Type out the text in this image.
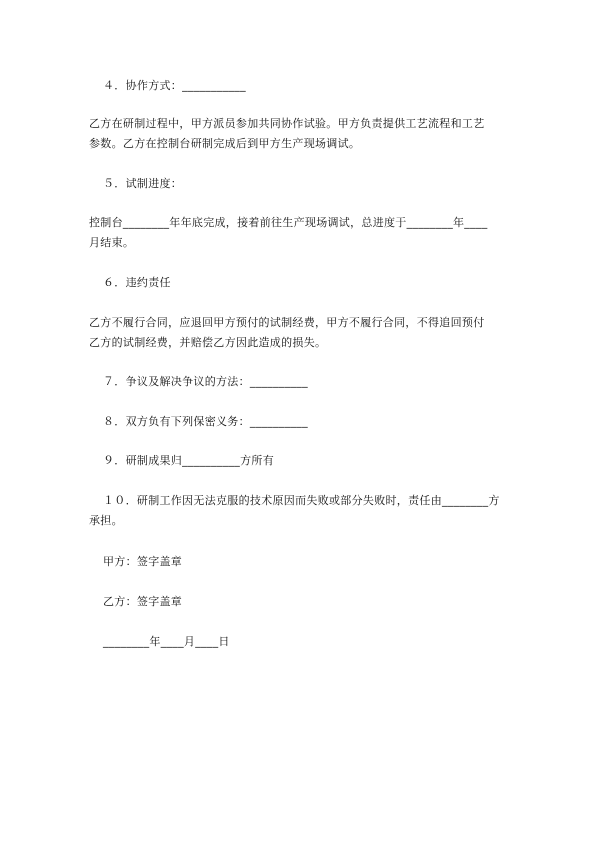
４．协作方式：___________
乙方在研制过程中，甲方派员参加共同协作试验。甲方负责提供工艺流程和工艺
参数。乙方在控制台研制完成后到甲方生产现场调试。
５．试制进度：
控制台________年年底完成，接着前往生产现场调试，总进度于________年____
月结束。
６．违约责任
乙方不履行合同，应退回甲方预付的试制经费，甲方不履行合同，不得追回预付
乙方的试制经费，并赔偿乙方因此造成的损失。
７．争议及解决争议的方法：__________
８．双方负有下列保密义务：__________
９．研制成果归__________方所有
１０．研制工作因无法克服的技术原因而失败或部分失败时，责任由________方
承担。
甲方：签字盖章
乙方：签字盖章
________年____月____日
